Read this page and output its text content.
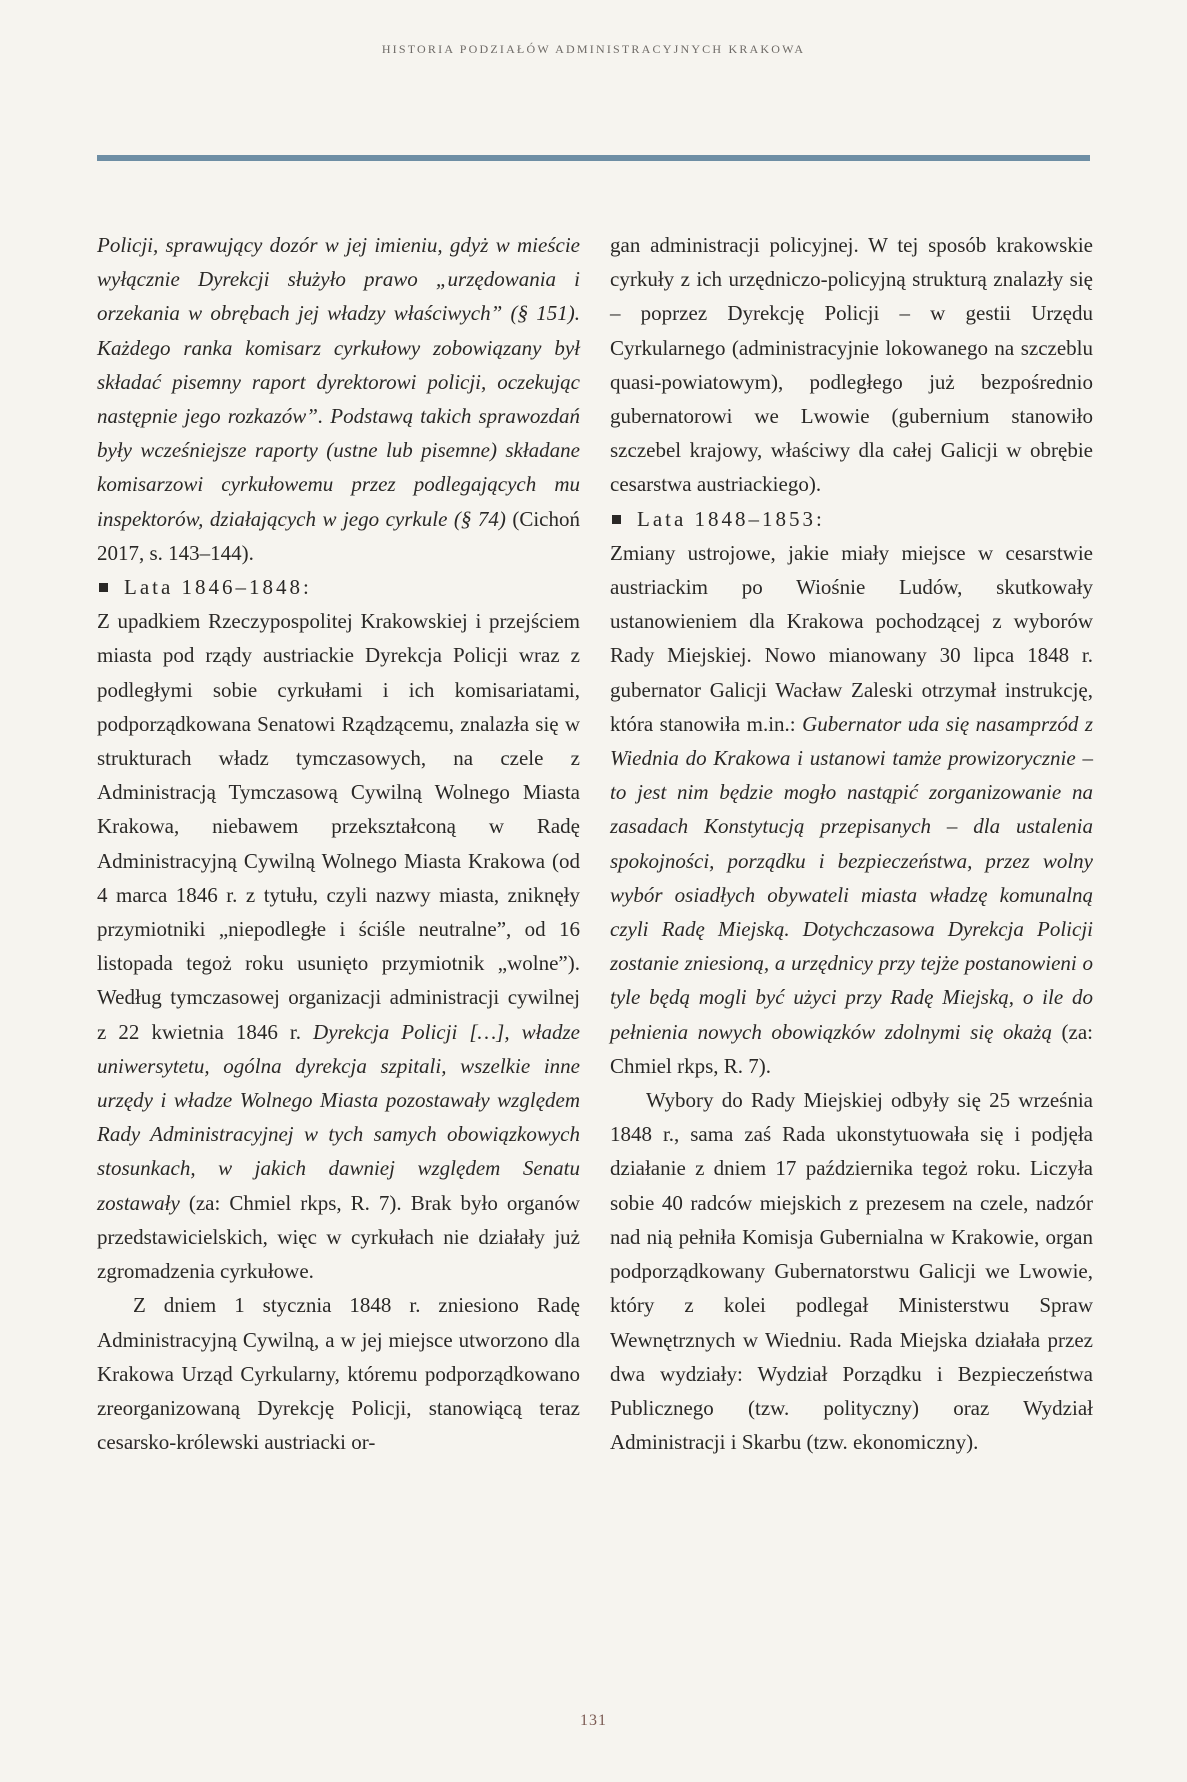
HISTORIA PODZIAŁÓW ADMINISTRACYJNYCH KRAKOWA

Policji, sprawujący dozór w jej imieniu, gdyż w mieście wyłącznie Dyrekcji służyło prawo „urzędowania i orzekania w obrębach jej władzy właściwych” (§ 151). Każdego ranka komisarz cyrkułowy zobowiązany był składać pisemny raport dyrektorowi policji, oczekując następnie jego rozkazów”. Podstawą takich sprawozdań były wcześniejsze raporty (ustne lub pisemne) składane komisarzowi cyrkułowemu przez podlegających mu inspektorów, działających w jego cyrkule (§ 74) (Cichoń 2017, s. 143–144).

Lata 1846–1848:

Z upadkiem Rzeczypospolitej Krakowskiej i przejściem miasta pod rządy austriackie Dyrekcja Policji wraz z podległymi sobie cyrkułami i ich komisariatami, podporządkowana Senatowi Rządzącemu, znalazła się w strukturach władz tymczasowych, na czele z Administracją Tymczasową Cywilną Wolnego Miasta Krakowa, niebawem przekształconą w Radę Administracyjną Cywilną Wolnego Miasta Krakowa (od 4 marca 1846 r. z tytułu, czyli nazwy miasta, zniknęły przymiotniki „niepodległe i ściśle neutralne”, od 16 listopada tegoż roku usunięto przymiotnik „wolne”). Według tymczasowej organizacji administracji cywilnej z 22 kwietnia 1846 r. Dyrekcja Policji […], władze uniwersytetu, ogólna dyrekcja szpitali, wszelkie inne urzędy i władze Wolnego Miasta pozostawały względem Rady Administracyjnej w tych samych obowiązkowych stosunkach, w jakich dawniej względem Senatu zostawały (za: Chmiel rkps, R. 7). Brak było organów przedstawicielskich, więc w cyrkułach nie działały już zgromadzenia cyrkułowe.

Z dniem 1 stycznia 1848 r. zniesiono Radę Administracyjną Cywilną, a w jej miejsce utworzono dla Krakowa Urząd Cyrkularny, któremu podporządkowano zreorganizowaną Dyrekcję Policji, stanowiącą teraz cesarsko-królewski austriacki or-

gan administracji policyjnej. W tej sposób krakowskie cyrkuły z ich urzędniczo-policyjną strukturą znalazły się – poprzez Dyrekcję Policji – w gestii Urzędu Cyrkularnego (administracyjnie lokowanego na szczeblu quasi-powiatowym), podległego już bezpośrednio gubernatorowi we Lwowie (gubernium stanowiło szczebel krajowy, właściwy dla całej Galicji w obrębie cesarstwa austriackiego).

Lata 1848–1853:

Zmiany ustrojowe, jakie miały miejsce w cesarstwie austriackim po Wiośnie Ludów, skutkowały ustanowieniem dla Krakowa pochodzącej z wyborów Rady Miejskiej. Nowo mianowany 30 lipca 1848 r. gubernator Galicji Wacław Zaleski otrzymał instrukcję, która stanowiła m.in.: Gubernator uda się nasamprzód z Wiednia do Krakowa i ustanowi tamże prowizorycznie – to jest nim będzie mogło nastąpić zorganizowanie na zasadach Konstytucją przepisanych – dla ustalenia spokojności, porządku i bezpieczeństwa, przez wolny wybór osiadłych obywateli miasta władzę komunalną czyli Radę Miejską. Dotychczasowa Dyrekcja Policji zostanie zniesioną, a urzędnicy przy tejże postanowieni o tyle będą mogli być użyci przy Radę Miejską, o ile do pełnienia nowych obowiązków zdolnymi się okażą (za: Chmiel rkps, R. 7).

Wybory do Rady Miejskiej odbyły się 25 września 1848 r., sama zaś Rada ukonstytuowała się i podjęła działanie z dniem 17 października tegoż roku. Liczyła sobie 40 radców miejskich z prezesem na czele, nadzór nad nią pełniła Komisja Gubernialna w Krakowie, organ podporządkowany Gubernatorstwu Galicji we Lwowie, który z kolei podlegał Ministerstwu Spraw Wewnętrznych w Wiedniu. Rada Miejska działała przez dwa wydziały: Wydział Porządku i Bezpieczeństwa Publicznego (tzw. polityczny) oraz Wydział Administracji i Skarbu (tzw. ekonomiczny).

131
